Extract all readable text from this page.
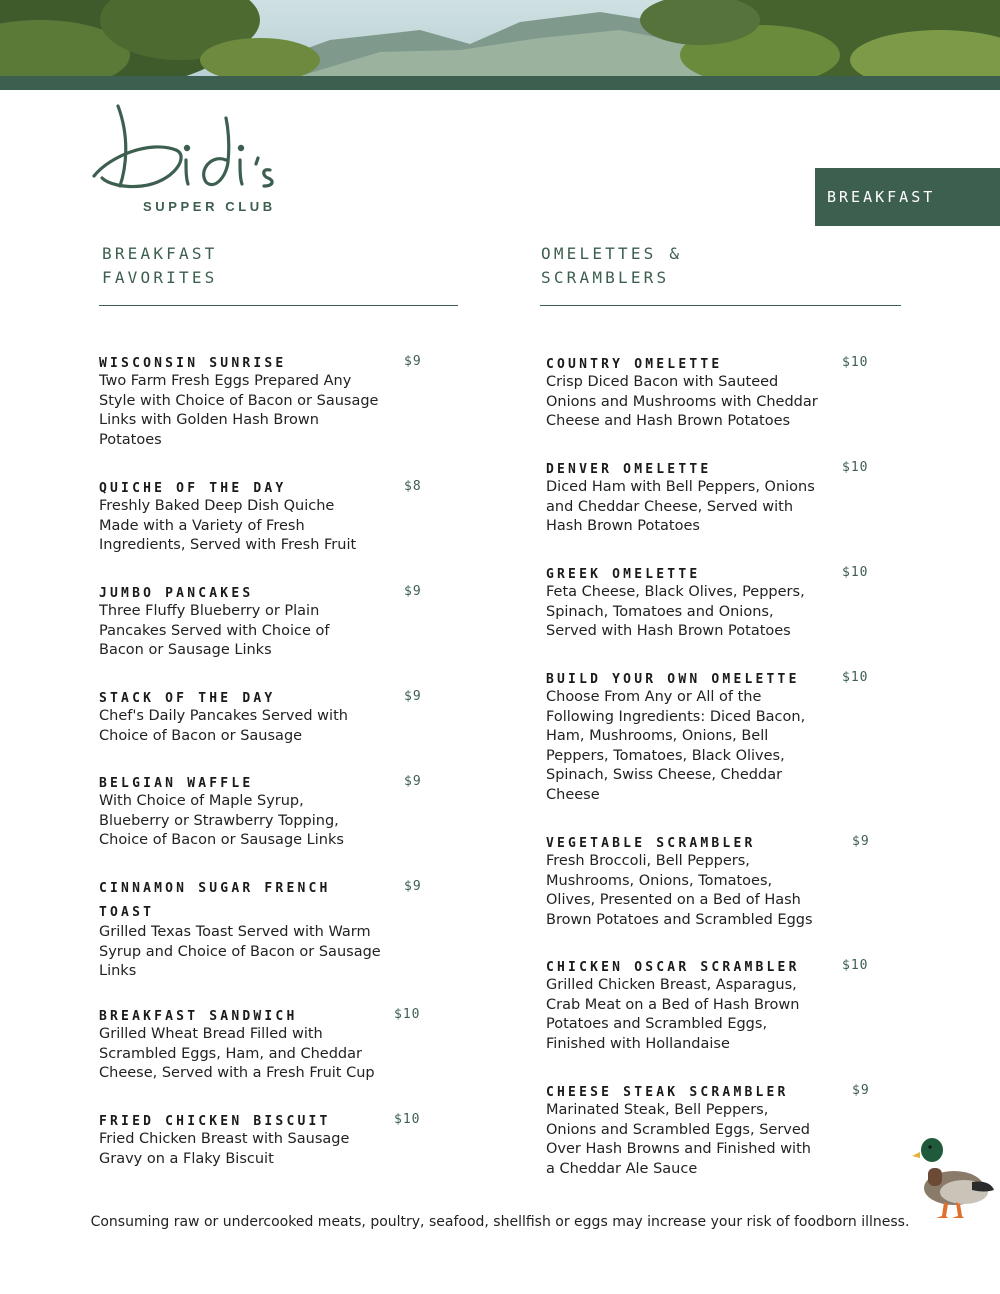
SUPPER CLUB
BREAKFAST
BREAKFAST
FAVORITES
OMELETTES &
SCRAMBLERS
WISCONSIN SUNRISE
Two Farm Fresh Eggs Prepared Any Style with Choice of Bacon or Sausage Links with Golden Hash Brown Potatoes
$9
QUICHE OF THE DAY
Freshly Baked Deep Dish Quiche Made with a Variety of Fresh Ingredients, Served with Fresh Fruit
$8
JUMBO PANCAKES
Three Fluffy Blueberry or Plain Pancakes Served with Choice of Bacon or Sausage Links
$9
STACK OF THE DAY
Chef's Daily Pancakes Served with Choice of Bacon or Sausage
$9
BELGIAN WAFFLE
With Choice of Maple Syrup, Blueberry or Strawberry Topping, Choice of Bacon or Sausage Links
$9
CINNAMON SUGAR FRENCH TOAST
Grilled Texas Toast Served with Warm Syrup and Choice of Bacon or Sausage Links
$9
BREAKFAST SANDWICH
Grilled Wheat Bread Filled with Scrambled Eggs, Ham, and Cheddar Cheese, Served with a Fresh Fruit Cup
$10
FRIED CHICKEN BISCUIT
Fried Chicken Breast with Sausage Gravy on a Flaky Biscuit
$10
COUNTRY OMELETTE
Crisp Diced Bacon with Sauteed Onions and Mushrooms with Cheddar Cheese and Hash Brown Potatoes
$10
DENVER OMELETTE
Diced Ham with Bell Peppers, Onions and Cheddar Cheese, Served with Hash Brown Potatoes
$10
GREEK OMELETTE
Feta Cheese, Black Olives, Peppers, Spinach, Tomatoes and Onions, Served with Hash Brown Potatoes
$10
BUILD YOUR OWN OMELETTE
Choose From Any or All of the Following Ingredients: Diced Bacon, Ham, Mushrooms, Onions, Bell Peppers, Tomatoes, Black Olives, Spinach, Swiss Cheese, Cheddar Cheese
$10
VEGETABLE SCRAMBLER
Fresh Broccoli, Bell Peppers, Mushrooms, Onions, Tomatoes, Olives, Presented on a Bed of Hash Brown Potatoes and Scrambled Eggs
$9
CHICKEN OSCAR SCRAMBLER
Grilled Chicken Breast, Asparagus, Crab Meat on a Bed of Hash Brown Potatoes and Scrambled Eggs, Finished with Hollandaise
$10
CHEESE STEAK SCRAMBLER
Marinated Steak, Bell Peppers, Onions and Scrambled Eggs, Served Over Hash Browns and Finished with a Cheddar Ale Sauce
$9
Consuming raw or undercooked meats, poultry, seafood, shellfish or eggs may increase your risk of foodborn illness.
